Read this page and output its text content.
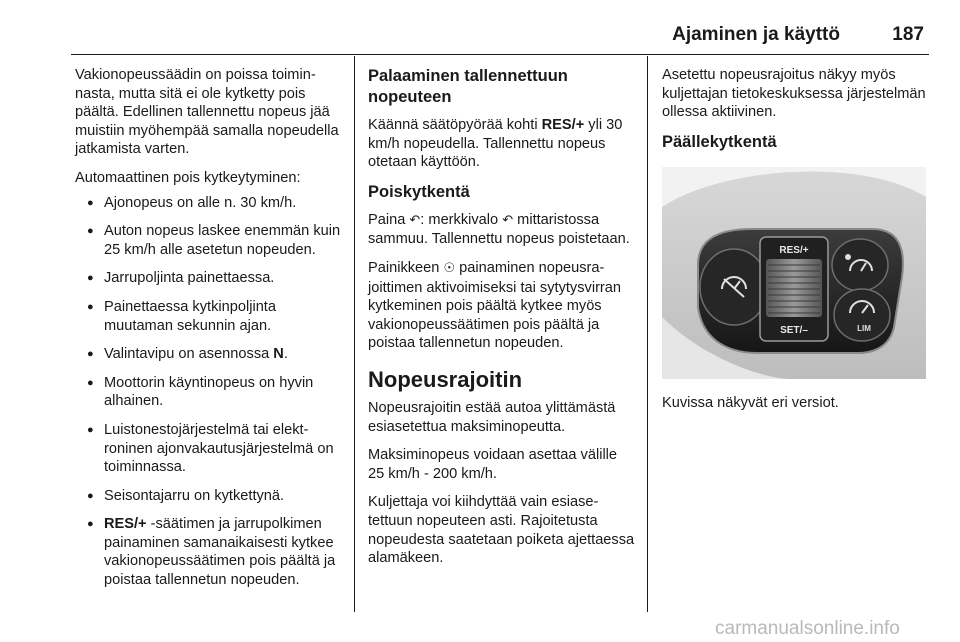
Ajaminen ja käyttö	187

Vakionopeussäädin on poissa toiminnasta, mutta sitä ei ole kytketty pois päältä. Edellinen tallennettu nopeus jää muistiin myöhempää samalla nopeudella jatkamista varten.

Automaattinen pois kytkeytyminen:

● Ajonopeus on alle n. 30 km/h.
● Auton nopeus laskee enemmän kuin 25 km/h alle asetetun nopeuden.
● Jarrupoljinta painettaessa.
● Painettaessa kytkinpoljinta muutaman sekunnin ajan.
● Valintavipu on asennossa N.
● Moottorin käyntinopeus on hyvin alhainen.
● Luistonestojärjestelmä tai elektroninen ajonvakautusjärjestelmä on toiminnassa.
● Seisontajarru on kytkettynä.
● RES/+ -säätimen ja jarrupolkimen painaminen samanaikaisesti kytkee vakionopeussäätimen pois päältä ja poistaa tallennetun nopeuden.
Palaaminen tallennettuun nopeuteen

Käännä säätöpyörää kohti RES/+ yli 30 km/h nopeudella. Tallennettu nopeus otetaan käyttöön.

Poiskytkentä

Paina ↶: merkkivalo ↶ mittaristossa sammuu. Tallennettu nopeus poistetaan.

Painikkeen ☉ painaminen nopeusrajoittimen aktivoimiseksi tai sytytysvirran kytkeminen pois päältä kytkee myös vakionopeussäätimen pois päältä ja poistaa tallennetun nopeuden.

Nopeusrajoitin

Nopeusrajoitin estää autoa ylittämästä esiasetettua maksiminopeutta.

Maksiminopeus voidaan asettaa välille 25 km/h - 200 km/h.

Kuljettaja voi kiihdyttää vain esiasetettuun nopeuteen asti. Rajoitetusta nopeudesta saatetaan poiketa ajettaessa alamäkeen.

Asetettu nopeusrajoitus näkyy myös kuljettajan tietokeskuksessa järjestelmän ollessa aktiivinen.

Päällekytkentä
RES/+
SET/–	LIM

Kuvissa näkyvät eri versiot.

carmanualsonline.info
